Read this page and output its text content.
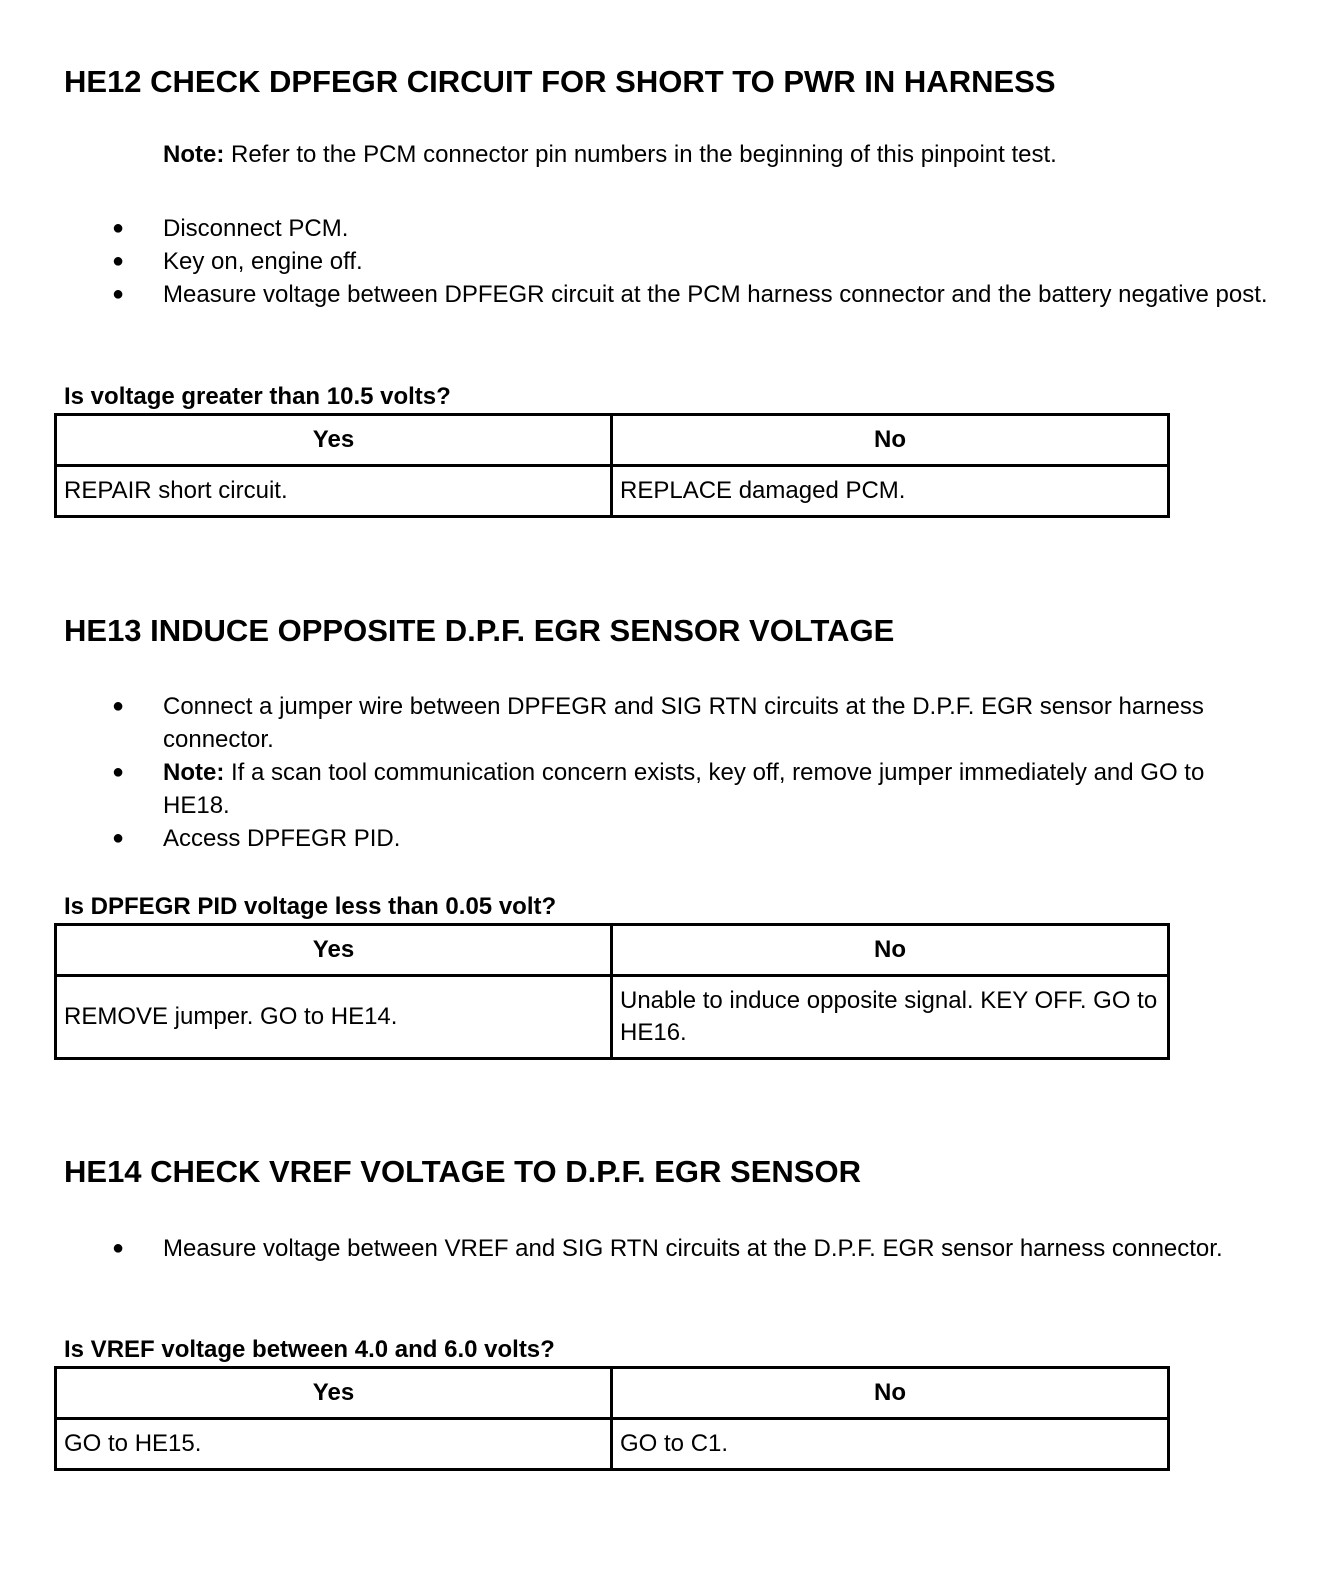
HE12 CHECK DPFEGR CIRCUIT FOR SHORT TO PWR IN HARNESS
Note: Refer to the PCM connector pin numbers in the beginning of this pinpoint test.
● Disconnect PCM.
● Key on, engine off.
● Measure voltage between DPFEGR circuit at the PCM harness connector and the battery negative post.
Is voltage greater than 10.5 volts?
Yes	No
REPAIR short circuit.	REPLACE damaged PCM.
HE13 INDUCE OPPOSITE D.P.F. EGR SENSOR VOLTAGE
● Connect a jumper wire between DPFEGR and SIG RTN circuits at the D.P.F. EGR sensor harness connector.
● Note: If a scan tool communication concern exists, key off, remove jumper immediately and GO to HE18.
● Access DPFEGR PID.
Is DPFEGR PID voltage less than 0.05 volt?
Yes	No
REMOVE jumper. GO to HE14.	Unable to induce opposite signal. KEY OFF. GO to HE16.
HE14 CHECK VREF VOLTAGE TO D.P.F. EGR SENSOR
● Measure voltage between VREF and SIG RTN circuits at the D.P.F. EGR sensor harness connector.
Is VREF voltage between 4.0 and 6.0 volts?
Yes	No
GO to HE15.	GO to C1.
